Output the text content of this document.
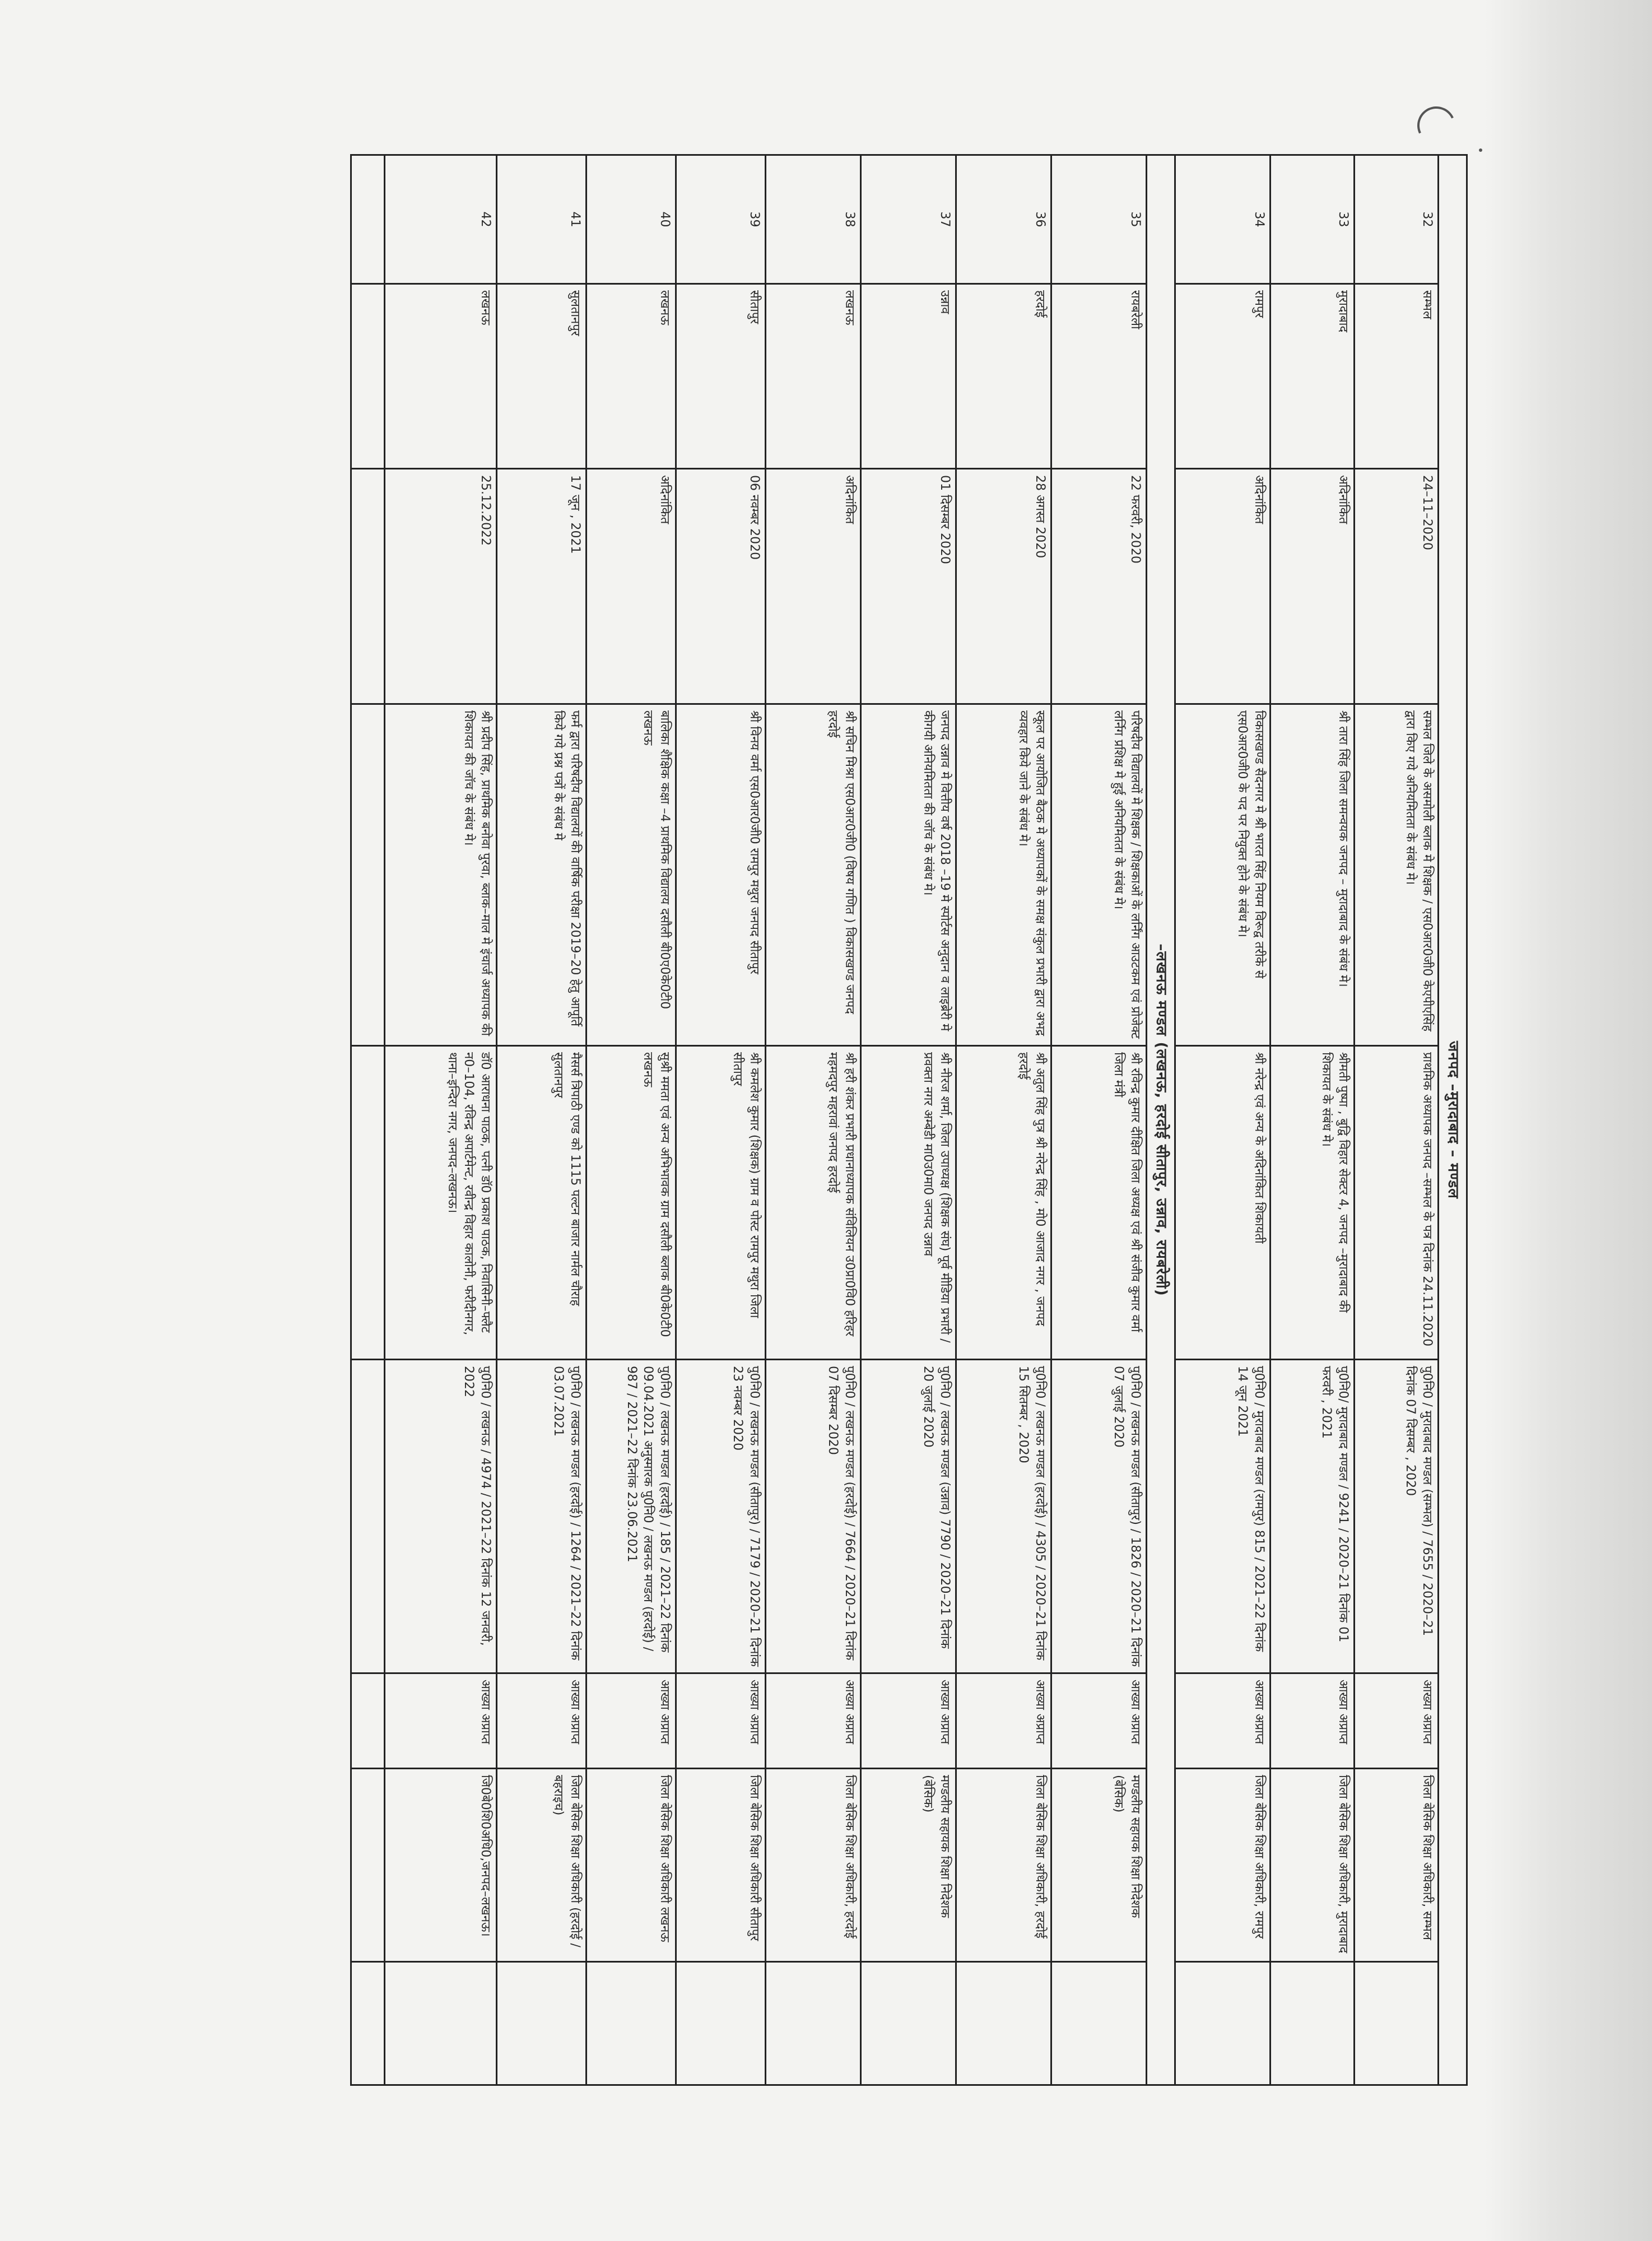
जनपद –मुरादाबाद – मण्डल								
32	सम्भल	24–11–2020	सम्भल जिले के असमोली ब्लाक मे शिक्षक / एस0आर0जी0 केएपीएसिंह द्वारा किए गये अनियमितता के संबंध मे।	प्राथमिक अध्यापक जनपद –सम्भल के पत्र दिनांक 24.11.2020	पु0नि0 / मुरादाबाद मण्डल (सम्भल) / 7655 / 2020–21 दिनांक 07 दिसम्बर , 2020	आख्या अप्राप्त	जिला बेसिक शिक्षा अधिकारी, सम्भल	
33	मुरादाबाद	अदिनांकित	श्री तारा सिंह जिला समन्वयक जनपद – मुरादाबाद के संबंध मे।	श्रीमती पुष्पा , बुद्वि विहार सेक्टर 4, जनपद –मुरादाबाद की शिकायत के संबंध मे।	पु0नि0/ मुरादाबाद मण्डल / 9241 / 2020–21 दिनांक 01 फरवरी , 2021	आख्या अप्राप्त	जिला बेसिक शिक्षा अधिकारी, मुरादाबाद	
34	रामपुर	अदिनांकित	विकासखण्ड सैदनगर मे श्री भारत सिंह नियम विरूद्व तरीके से एस0आर0जी0 के पद पर नियुक्त होने के संबंध मे।	श्री नरेन्द्र एवं अन्य के अदिनांकित शिकायती	पु0नि0 / मुरादाबाद मण्डल (रामपुर) 815 / 2021–22 दिनांक 14 जून 2021	आख्या अप्राप्त	जिला बेसिक शिक्षा अधिकारी, रामपुर	
–लखनऊ मण्डल (लखनऊ, हरदोई सीतापुर, उन्नाव, रायबरेली)								
35	रायबरेली	22 फरवरी, 2020	परिषदीय विद्यालयों मे शिक्षक / शिक्षकाओं के लर्निंग आउटकम एवं प्रोजेक्ट लर्निग प्रशिक्ष मे हुई अनियमितता के संबंध मे।	श्री रविन्द्र कुमार दीक्षित जिला अध्यक्ष एवं श्री संजीव कुमार वर्मा जिला मंत्री	पु0नि0 / लखनऊ मण्डल (सीतापुर) / 1826 / 2020–21 दिनांक 07 जुलाई 2020	आख्या अप्राप्त	मण्डलीय सहायक शिक्षा निदेशक (बेसिक)	
36	हरदोई	28 अगस्त 2020	स्कूल पर आयोजित बैठक मे अध्यापकों के समक्ष संकुल प्रभारी द्वारा अभद्र व्यवहार किये जाने के संबंध मे।	श्री अतुल सिंह पुत्र श्री नरेन्द्र सिंह , मो0 आजाद नगर , जनपद हरदोई	पु0नि0 / लखनऊ मण्डल (हरदोई) / 4305 / 2020–21 दिनांक 15 सितम्बर , 2020	आख्या अप्राप्त	जिला बेसिक शिक्षा अधिकारी, हरदोई	
37	उन्नाव	01 दिसम्बर 2020	जनपद उन्नाव मे वित्तीय वर्ष 2018 –19 मे स्पोर्टस अनुदान व लाइब्रेरी मे कीगयी अनियमितता की जाॅच के संबंध मे।	श्री नीरज शर्मा, जिला उपाध्यक्ष (शिक्षक संघ) पूर्व मीडिया प्रभारी / प्रवक्ता नगर अम्बेडी मा0उ0मा0 जनपद उन्नाव	पु0नि0 / लखनऊ मण्डल (उन्नाव) 7790 / 2020–21 दिनांक 20 जुलाई 2020	आख्या अप्राप्त	मण्डलीय सहायक शिक्षा निदेशक (बेसिक)	
38	लखनऊ	अदिनांकित	श्री सचिन मिश्रा एस0आर0जी0 (विषय गणित ) विकासखण्ड जनपद हरदोई	श्री हरी शंकर प्रभारी प्रधानाध्यापक संविलियन उ0प्रा0वि0 हरिहर महमदपुर महरावां जनपद हरदोई	पु0नि0 / लखनऊ मण्डल (हरदोई) / 7664 / 2020–21 दिनांक 07 दिसम्बर 2020	आख्या अप्राप्त	जिला बेसिक शिक्षा अधिकारी, हरदोई	
39	सीतापुर	06 नवम्बर 2020	श्री विनय वर्मा एस0आर0जी0 रामपुर मथुरा जनपद सीतापुर	श्री कमलेश कुमार (शिक्षक) ग्राम व पोस्ट रामपुर मथुरा जिला सीतापुर	पु0नि0 / लखनऊ मण्डल (सीतापुर) / 7179 / 2020–21 दिनांक 23 नवम्बर 2020	आख्या अप्राप्त	जिला बेसिक शिक्षा अधिकारी सीतापुर	
40	लखनऊ	अदिनांकित	बालिका शैक्षिक कक्षा –4 प्राथमिक विद्यालय दसौली बी0ए0के0टी0 लखनऊ	सुश्री ममता एवं अन्य अभिभावक ग्राम दसौली ब्लाक बी0के0टी0 लखनऊ	पु0नि0 / लखनऊ मण्डल (हरदोई) / 185 / 2021–22 दिनांक 09.04.2021 अनुस्मारक पु0नि0 / लखनऊ मण्डल (हरदोई) / 987 / 2021–22 दिनांक 23.06.2021	आख्या अप्राप्त	जिला बेसिक शिक्षा अधिकारी लखनऊ	
41	सुलतानपुर	17 जून , 2021	फर्म द्वारा परिषदीय विद्यालयों की वार्षिक परीक्षा 2019–20 हेतु आपूर्ति किये गये प्रश्न पत्रों के संबंध मे	मैसर्स त्रिपाठी एण्ड को 1115 पल्टन बाजार नार्मल चौराह सुलतानपुर	पु0नि0 / लखनऊ मण्डल (हरदोई) / 1264 / 2021–22 दिनांक 03.07.2021	आख्या अप्राप्त	जिला बेसिक शिक्षा अधिकारी (हरदोई / बहराइच)	
42	लखनऊ	25.12.2022	श्री प्रदीप सिंह, प्राथमिक बनोवा पुरवा, ब्लाक–माल मे इंचार्ज अध्यापक की शिकायत की जाॅच के संबंध मे।	डाॅ0 आराधना पाठक, पत्नी डाॅ0 प्रकाश पाठक, निवासिनी–फ्लैट न0–104, रविन्द्र अपार्टमेन्ट, रवीन्द्र विहार कालोनी, फरीदीनगर, थाना–इन्दिरा नगर, जनपद–लखनऊ।	पु0नि0 / लखनऊ / 4974 / 2021–22 दिनांक 12 जनवरी, 2022	आख्या अप्राप्त	जि0बे0शि0अधि0,जनपद–लखनऊ।	
